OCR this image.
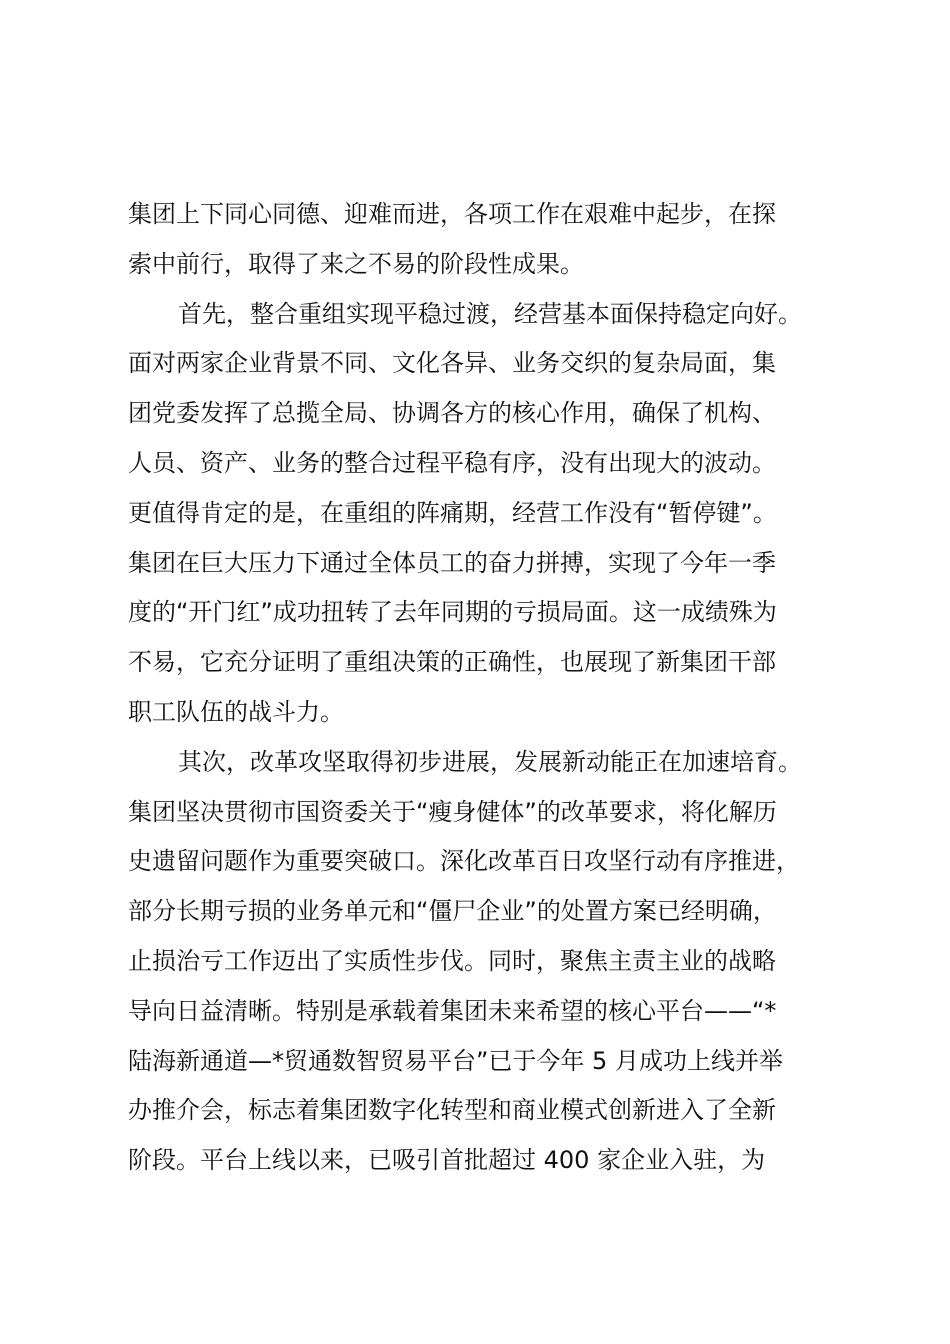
集团上下同心同德、迎难而进，各项工作在艰难中起步，在探
索中前行，取得了来之不易的阶段性成果。
首先，整合重组实现平稳过渡，经营基本面保持稳定向好。
面对两家企业背景不同、文化各异、业务交织的复杂局面，集
团党委发挥了总揽全局、协调各方的核心作用，确保了机构、
人员、资产、业务的整合过程平稳有序，没有出现大的波动。
更值得肯定的是，在重组的阵痛期，经营工作没有“暂停键”。
集团在巨大压力下通过全体员工的奋力拼搏，实现了今年一季
度的“开门红”成功扭转了去年同期的亏损局面。这一成绩殊为
不易，它充分证明了重组决策的正确性，也展现了新集团干部
职工队伍的战斗力。
其次，改革攻坚取得初步进展，发展新动能正在加速培育。
集团坚决贯彻市国资委关于“瘦身健体”的改革要求，将化解历
史遗留问题作为重要突破口。深化改革百日攻坚行动有序推进，
部分长期亏损的业务单元和“僵尸企业”的处置方案已经明确，
止损治亏工作迈出了实质性步伐。同时，聚焦主责主业的战略
导向日益清晰。特别是承载着集团未来希望的核心平台——“*
陆海新通道—*贸通数智贸易平台”已于今年 5 月成功上线并举
办推介会，标志着集团数字化转型和商业模式创新进入了全新
阶段。平台上线以来，已吸引首批超过 400 家企业入驻，为
